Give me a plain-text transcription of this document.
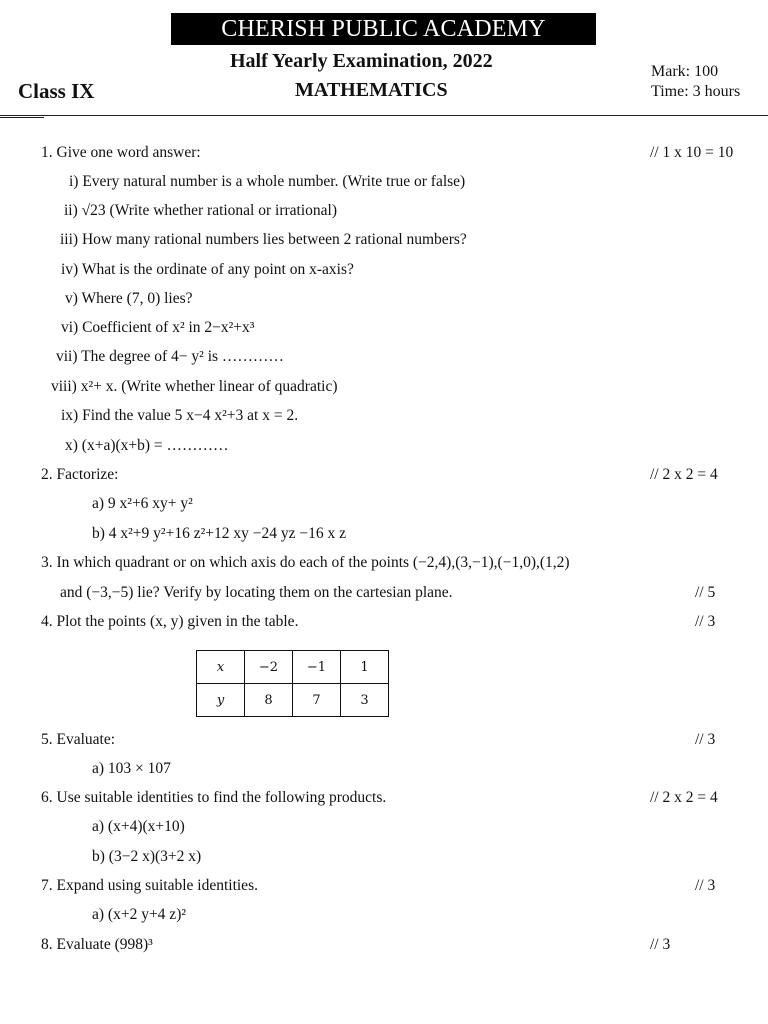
CHERISH PUBLIC ACADEMY
Half Yearly Examination, 2022
Class IX	MATHEMATICS
Mark: 100
Time: 3 hours
1. Give one word answer:	// 1 x 10 = 10
i) Every natural number is a whole number. (Write true or false)
ii) √23 (Write whether rational or irrational)
iii) How many rational numbers lies between 2 rational numbers?
iv) What is the ordinate of any point on x-axis?
v) Where (7, 0) lies?
vi) Coefficient of x² in 2−x²+x³
vii) The degree of 4− y² is …………
viii) x²+ x. (Write whether linear of quadratic)
ix) Find the value 5 x−4 x²+3 at x = 2.
x) (x+a)(x+b) = …………
2. Factorize:	// 2 x 2 = 4
a) 9 x²+6 xy+ y²
b) 4 x²+9 y²+16 z²+12 xy −24 yz −16 x z
3. In which quadrant or on which axis do each of the points (−2,4),(3,−1),(−1,0),(1,2)
and (−3,−5) lie? Verify by locating them on the cartesian plane.	// 5
4. Plot the points (x, y) given in the table.	// 3
x	−2	−1	1
y	8	7	3
5. Evaluate:	// 3
a) 103 × 107
6. Use suitable identities to find the following products.	// 2 x 2 = 4
a) (x+4)(x+10)
b) (3−2 x)(3+2 x)
7. Expand using suitable identities.	// 3
a) (x+2 y+4 z)²
8. Evaluate (998)³	// 3
